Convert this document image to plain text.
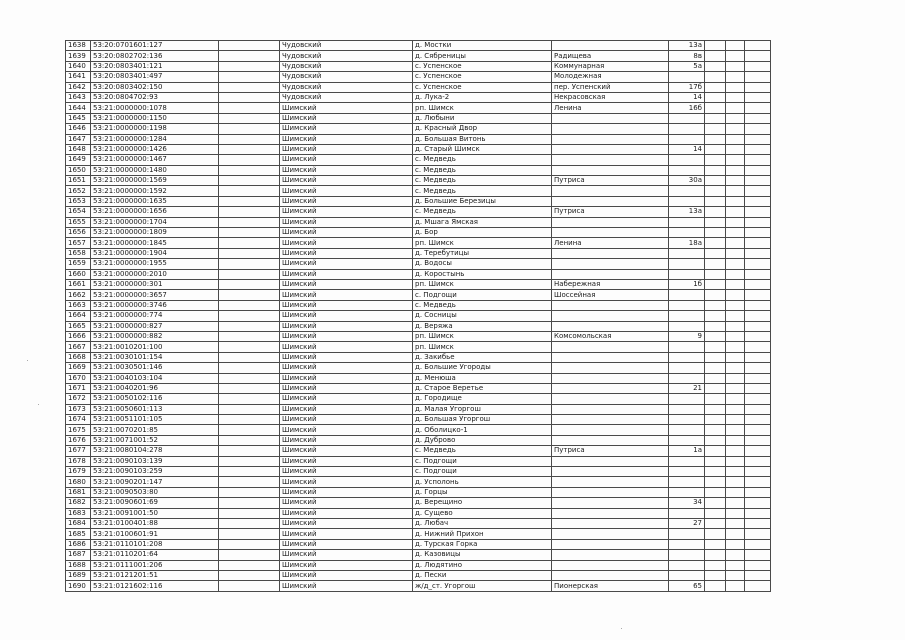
1638	53:20:0701601:127		Чудовский	д. Мостки		13а			
1639	53:20:0802702:136		Чудовский	д. Сябреницы	Радищева	8в			
1640	53:20:0803401:121		Чудовский	с. Успенское	Коммунарная	5а			
1641	53:20:0803401:497		Чудовский	с. Успенское	Молодежная				
1642	53:20:0803402:150		Чудовский	с. Успенское	пер. Успенский	17б			
1643	53:20:0804702:93		Чудовский	д. Лука-2	Некрасовская	14			
1644	53:21:0000000:1078		Шимский	рп. Шимск	Ленина	16б			
1645	53:21:0000000:1150		Шимский	д. Любыни					
1646	53:21:0000000:1198		Шимский	д. Красный Двор					
1647	53:21:0000000:1284		Шимский	д. Большая Витонь					
1648	53:21:0000000:1426		Шимский	д. Старый Шимск		14			
1649	53:21:0000000:1467		Шимский	с. Медведь					
1650	53:21:0000000:1480		Шимский	с. Медведь					
1651	53:21:0000000:1569		Шимский	с. Медведь	Путриса	30а			
1652	53:21:0000000:1592		Шимский	с. Медведь					
1653	53:21:0000000:1635		Шимский	д. Большие Березицы					
1654	53:21:0000000:1656		Шимский	с. Медведь	Путриса	13а			
1655	53:21:0000000:1704		Шимский	д. Мшага Ямская					
1656	53:21:0000000:1809		Шимский	д. Бор					
1657	53:21:0000000:1845		Шимский	рп. Шимск	Ленина	18а			
1658	53:21:0000000:1904		Шимский	д. Теребутицы					
1659	53:21:0000000:1955		Шимский	д. Водосы					
1660	53:21:0000000:2010		Шимский	д. Коростынь					
1661	53:21:0000000:301		Шимский	рп. Шимск	Набережная	1б			
1662	53:21:0000000:3657		Шимский	с. Подгощи	Шоссейная				
1663	53:21:0000000:3746		Шимский	с. Медведь					
1664	53:21:0000000:774		Шимский	д. Сосницы					
1665	53:21:0000000:827		Шимский	д. Веряжа					
1666	53:21:0000000:882		Шимский	рп. Шимск	Комсомольская	9			
1667	53:21:0010201:100		Шимский	рп. Шимск					
1668	53:21:0030101:154		Шимский	д. Закибье					
1669	53:21:0030501:146		Шимский	д. Большие Угороды					
1670	53:21:0040103:104		Шимский	д. Менюша					
1671	53:21:0040201:96		Шимский	д. Старое Веретье		21			
1672	53:21:0050102:116		Шимский	д. Городище					
1673	53:21:0050601:113		Шимский	д. Малая Угоргош					
1674	53:21:0051101:105		Шимский	д. Большая Угоргош					
1675	53:21:0070201:85		Шимский	д. Оболицко-1					
1676	53:21:0071001:52		Шимский	д. Дуброво					
1677	53:21:0080104:278		Шимский	с. Медведь	Путриса	1а			
1678	53:21:0090103:139		Шимский	с. Подгощи					
1679	53:21:0090103:259		Шимский	с. Подгощи					
1680	53:21:0090201:147		Шимский	д. Усполонь					
1681	53:21:0090503:80		Шимский	д. Горцы					
1682	53:21:0090601:69		Шимский	д. Верещино		34			
1683	53:21:0091001:50		Шимский	д. Сущево					
1684	53:21:0100401:88		Шимский	д. Любач		27			
1685	53:21:0100601:91		Шимский	д. Нижний Прихон					
1686	53:21:0110101:208		Шимский	д. Турская Горка					
1687	53:21:0110201:64		Шимский	д. Казовицы					
1688	53:21:0111001:206		Шимский	д. Людятино					
1689	53:21:0121201:51		Шимский	д. Пески					
1690	53:21:0121602:116		Шимский	ж/д_ст. Угоргош	Пионерская	65			
